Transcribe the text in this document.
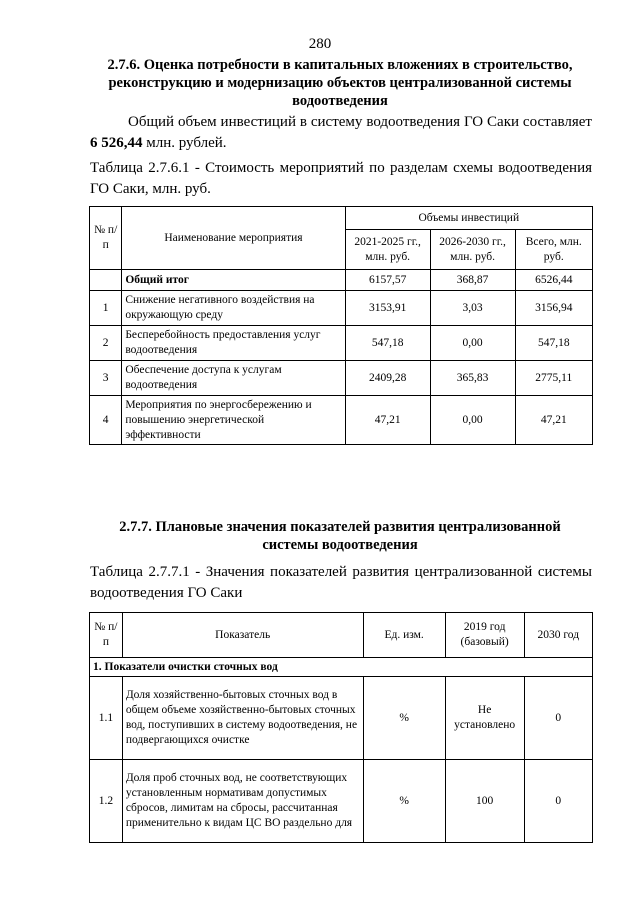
280
2.7.6. Оценка потребности в капитальных вложениях в строительство, реконструкцию и модернизацию объектов централизованной системы водоотведения
Общий объем инвестиций в систему водоотведения ГО Саки составляет 6 526,44 млн. рублей.
Таблица 2.7.6.1 - Стоимость мероприятий по разделам схемы водоотведения ГО Саки, млн. руб.
№ п/п	Наименование мероприятия	Объемы инвестиций		
		2021-2025 гг., млн. руб.	2026-2030 гг., млн. руб.	Всего, млн. руб.
	Общий итог	6157,57	368,87	6526,44
1	Снижение негативного воздействия на окружающую среду	3153,91	3,03	3156,94
2	Бесперебойность предоставления услуг водоотведения	547,18	0,00	547,18
3	Обеспечение доступа к услугам водоотведения	2409,28	365,83	2775,11
4	Мероприятия по энергосбережению и повышению энергетической эффективности	47,21	0,00	47,21
2.7.7. Плановые значения показателей развития централизованной системы водоотведения
Таблица 2.7.7.1 - Значения показателей развития централизованной системы водоотведения ГО Саки
№ п/п	Показатель	Ед. изм.	2019 год (базовый)	2030 год
1. Показатели очистки сточных вод				
1.1	Доля хозяйственно-бытовых сточных вод в общем объеме хозяйственно-бытовых сточных вод, поступивших в систему водоотведения, не подвергающихся очистке	%	Не установлено	0
1.2	Доля проб сточных вод, не соответствующих установленным нормативам допустимых сбросов, лимитам на сбросы, рассчитанная применительно к видам ЦС ВО раздельно для	%	100	0
